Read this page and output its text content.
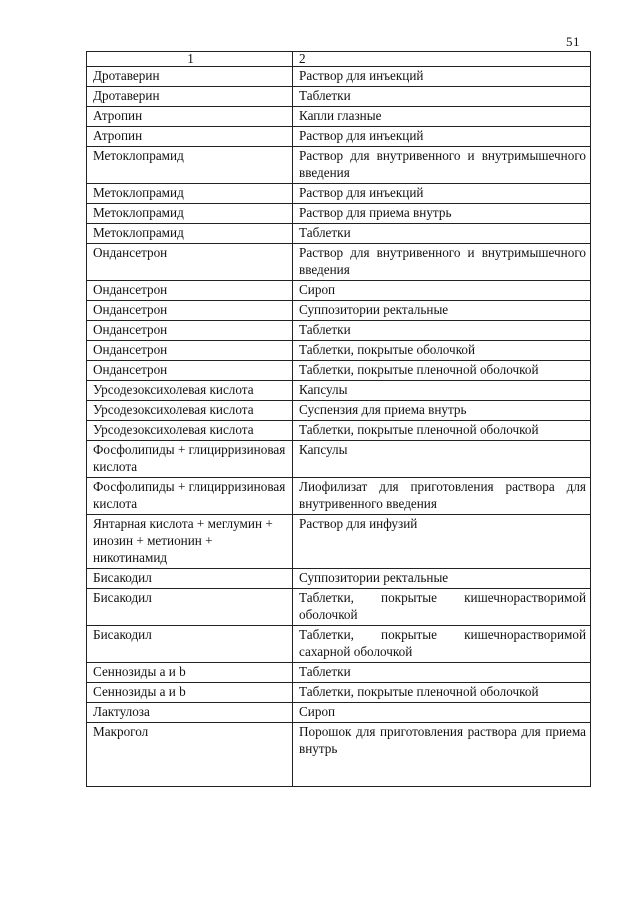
51
1	2
Дротаверин	Раствор для инъекций
Дротаверин	Таблетки
Атропин	Капли глазные
Атропин	Раствор для инъекций
Метоклопрамид	Раствор для внутривенного и внутримышечного введения
Метоклопрамид	Раствор для инъекций
Метоклопрамид	Раствор для приема внутрь
Метоклопрамид	Таблетки
Ондансетрон	Раствор для внутривенного и внутримышечного введения
Ондансетрон	Сироп
Ондансетрон	Суппозитории ректальные
Ондансетрон	Таблетки
Ондансетрон	Таблетки, покрытые оболочкой
Ондансетрон	Таблетки, покрытые пленочной оболочкой
Урсодезоксихолевая кислота	Капсулы
Урсодезоксихолевая кислота	Суспензия для приема внутрь
Урсодезоксихолевая кислота	Таблетки, покрытые пленочной оболочкой
Фосфолипиды + глицирризиновая кислота	Капсулы
Фосфолипиды + глицирризиновая кислота	Лиофилизат для приготовления раствора для внутривенного введения
Янтарная кислота + меглумин + инозин + метионин + никотинамид	Раствор для инфузий
Бисакодил	Суппозитории ректальные
Бисакодил	Таблетки, покрытые кишечнорастворимой оболочкой
Бисакодил	Таблетки, покрытые кишечнорастворимой сахарной оболочкой
Сеннозиды а и b	Таблетки
Сеннозиды а и b	Таблетки, покрытые пленочной оболочкой
Лактулоза	Сироп
Макрогол	Порошок для приготовления раствора для приема внутрь
